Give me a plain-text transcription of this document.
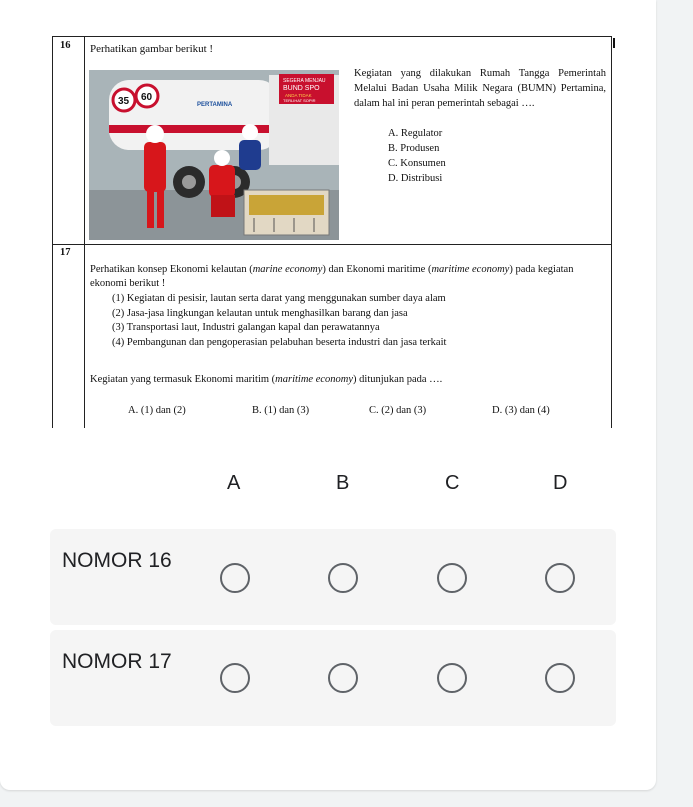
16 Perhatikan gambar berikut !
35 60
PERTAMINA
SEGERA MENJAU
BUND SPO
ANDA TIDAK
TERLIHAT SOPIR
Kegiatan yang dilakukan Rumah Tangga Pemerintah Melalui Badan Usaha Milik Negara (BUMN) Pertamina, dalam hal ini peran pemerintah sebagai ….
A. Regulator
B. Produsen
C. Konsumen
D. Distribusi
17
Perhatikan konsep Ekonomi kelautan (marine economy) dan Ekonomi maritime (maritime economy) pada kegiatan ekonomi berikut !
(1) Kegiatan di pesisir, lautan serta darat yang menggunakan sumber daya alam
(2) Jasa-jasa lingkungan kelautan untuk menghasilkan barang dan jasa
(3) Transportasi laut, Industri galangan kapal dan perawatannya
(4) Pembangunan dan pengoperasian pelabuhan beserta industri dan jasa terkait
Kegiatan yang termasuk Ekonomi maritim (maritime economy) ditunjukan pada ….
A. (1) dan (2)	B. (1) dan (3)	C. (2) dan (3)	D. (3) dan (4)
A	B	C	D
NOMOR 16
NOMOR 17
